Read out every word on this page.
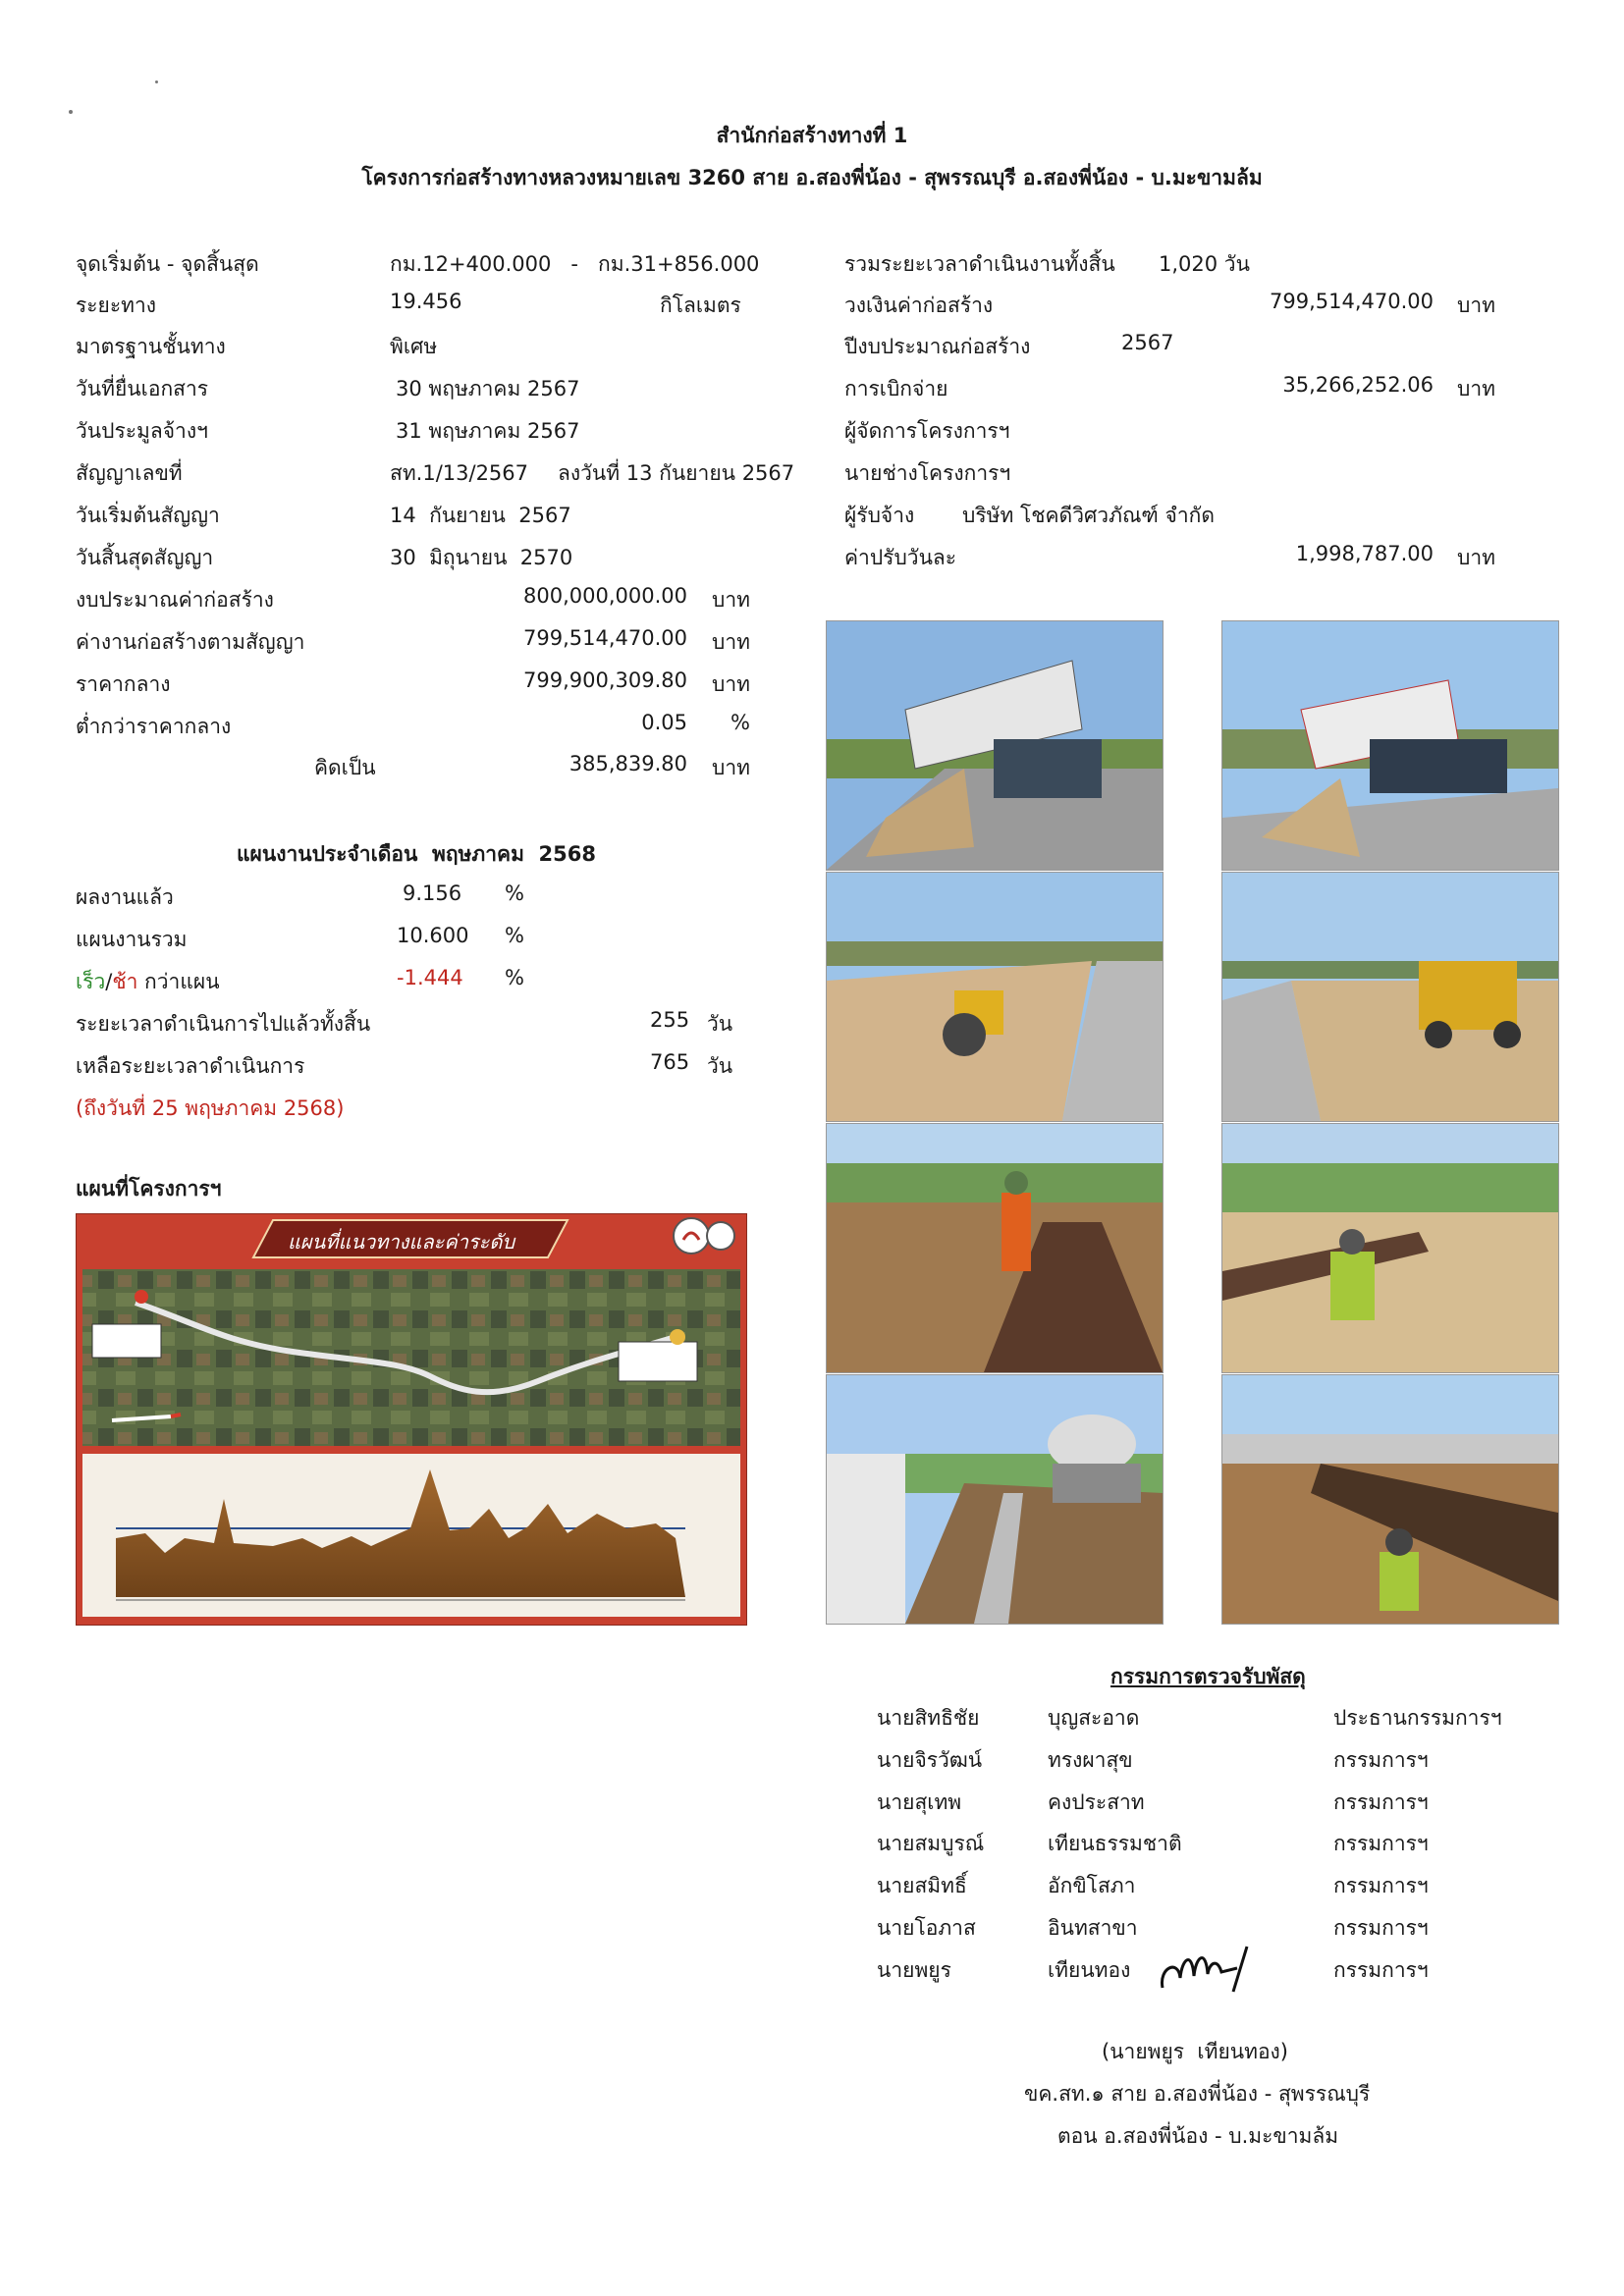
สำนักก่อสร้างทางที่ 1
โครงการก่อสร้างทางหลวงหมายเลข 3260 สาย อ.สองพี่น้อง - สุพรรณบุรี อ.สองพี่น้อง - บ.มะขามล้ม
จุดเริ่มต้น - จุดสิ้นสุด	กม.12+400.000   -   กม.31+856.000
ระยะทาง	19.456	กิโลเมตร
มาตรฐานชั้นทาง	พิเศษ
วันที่ยื่นเอกสาร	30 พฤษภาคม 2567
วันประมูลจ้างฯ	31 พฤษภาคม 2567
สัญญาเลขที่	สท.1/13/2567 ลงวันที่ 13 กันยายน 2567
วันเริ่มต้นสัญญา	14  กันยายน  2567
วันสิ้นสุดสัญญา	30  มิถุนายน  2570
งบประมาณค่าก่อสร้าง	800,000,000.00 บาท
ค่างานก่อสร้างตามสัญญา	799,514,470.00 บาท
ราคากลาง	799,900,309.80 บาท
ต่ำกว่าราคากลาง	0.05 %
คิดเป็น	385,839.80 บาท
รวมระยะเวลาดำเนินงานทั้งสิ้น 1,020 วัน
วงเงินค่าก่อสร้าง	799,514,470.00 บาท
ปีงบประมาณก่อสร้าง	2567
การเบิกจ่าย	35,266,252.06 บาท
ผู้จัดการโครงการฯ
นายช่างโครงการฯ
ผู้รับจ้าง บริษัท โชคดีวิศวภัณฑ์ จำกัด
ค่าปรับวันละ	1,998,787.00 บาท
แผนงานประจำเดือน  พฤษภาคม  2568
ผลงานแล้ว	9.156 %
แผนงานรวม	10.600 %
เร็ว/ช้า กว่าแผน	-1.444 %
ระยะเวลาดำเนินการไปแล้วทั้งสิ้น	255 วัน
เหลือระยะเวลาดำเนินการ	765 วัน
(ถึงวันที่ 25 พฤษภาคม 2568)
แผนที่โครงการฯ
แผนที่แนวทางและค่าระดับ
กรรมการตรวจรับพัสดุ
นายสิทธิชัย	บุญสะอาด	ประธานกรรมการฯ
นายจิรวัฒน์	ทรงผาสุข	กรรมการฯ
นายสุเทพ	คงประสาท	กรรมการฯ
นายสมบูรณ์	เทียนธรรมชาติ	กรรมการฯ
นายสมิทธิ์	อักขิโสภา	กรรมการฯ
นายโอภาส	อินทสาขา	กรรมการฯ
นายพยูร	เทียนทอง	กรรมการฯ
(นายพยูร  เทียนทอง)
ขค.สท.๑ สาย อ.สองพี่น้อง - สุพรรณบุรี
ตอน อ.สองพี่น้อง - บ.มะขามล้ม
